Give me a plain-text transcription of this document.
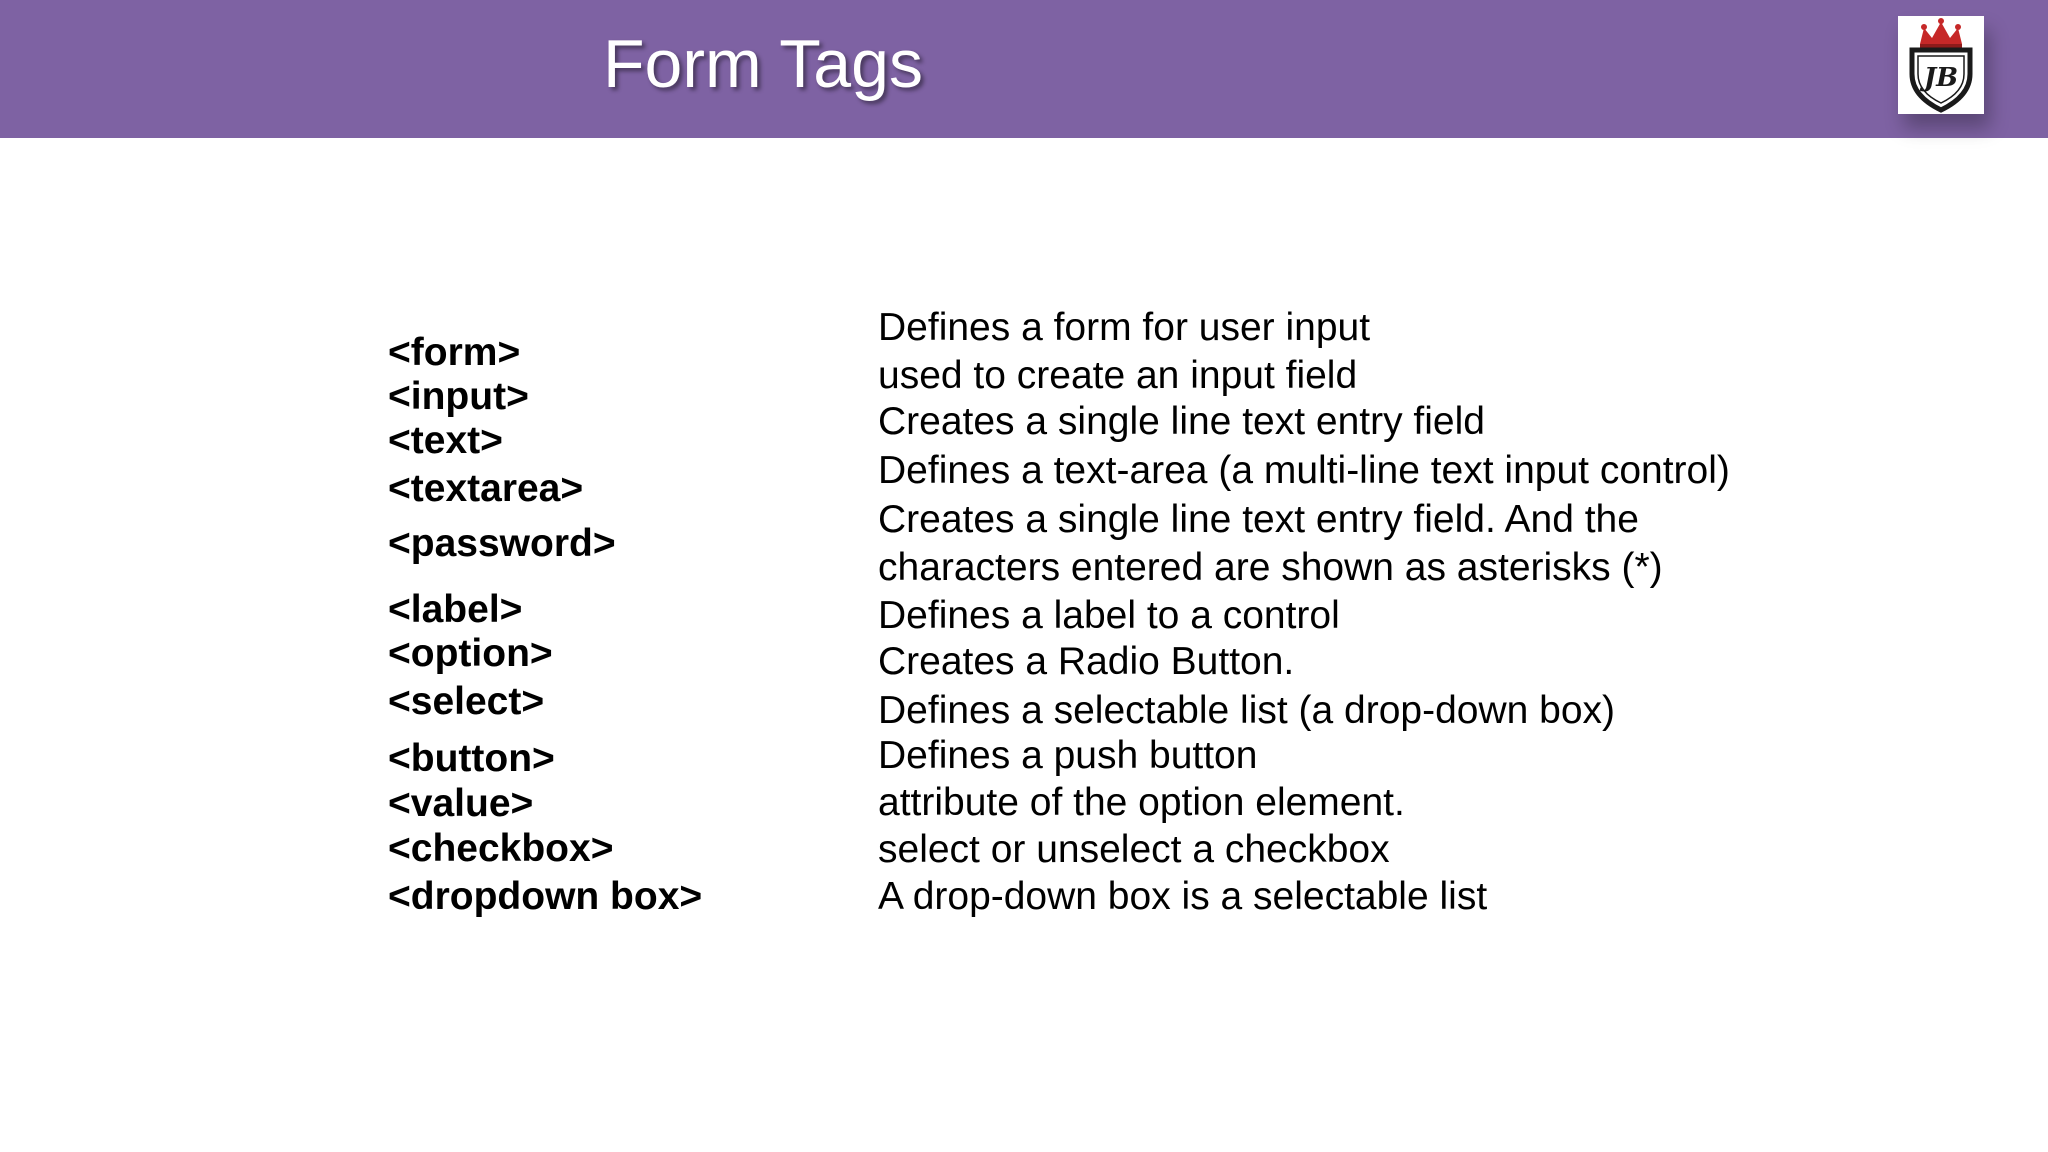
Form Tags	JB
<form>
<input>
<text>
<textarea>
<password>
<label>
<option>
<select>
<button>
<value>
<checkbox>
<dropdown box>
Defines a form for user input
used to create an input field
Creates a single line text entry field
Defines a text-area (a multi-line text input control)
Creates a single line text entry field. And the
characters entered are shown as asterisks (*)
Defines a label to a control
Creates a Radio Button.
Defines a selectable list (a drop-down box)
Defines a push button
attribute of the option element.
select or unselect a checkbox
A drop-down box is a selectable list
